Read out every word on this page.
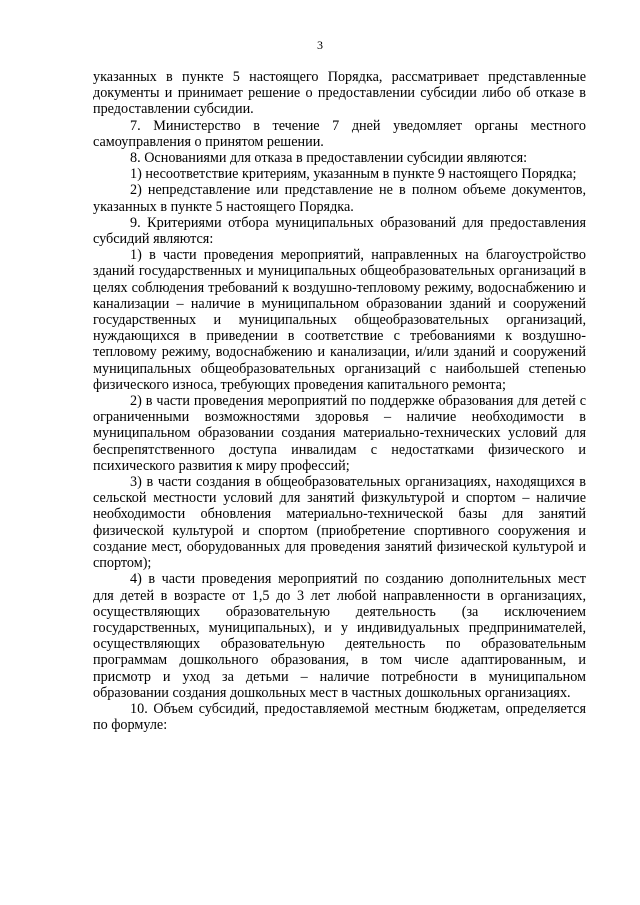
3

указанных в пункте 5 настоящего Порядка, рассматривает представленные документы и принимает решение о предоставлении субсидии либо об отказе в предоставлении субсидии.

7. Министерство в течение 7 дней уведомляет органы местного самоуправления о принятом решении.

8. Основаниями для отказа в предоставлении субсидии являются:

1) несоответствие критериям, указанным в пункте 9 настоящего Порядка;

2) непредставление или представление не в полном объеме документов, указанных в пункте 5 настоящего Порядка.

9. Критериями отбора муниципальных образований для предоставления субсидий являются:

1) в части проведения мероприятий, направленных на благоустройство зданий государственных и муниципальных общеобразовательных организаций в целях соблюдения требований к воздушно-тепловому режиму, водоснабжению и канализации – наличие в муниципальном образовании зданий и сооружений государственных и муниципальных общеобразовательных организаций, нуждающихся в приведении в соответствие с требованиями к воздушно-тепловому режиму, водоснабжению и канализации, и/или зданий и сооружений муниципальных общеобразовательных организаций с наибольшей степенью физического износа, требующих проведения капитального ремонта;

2) в части проведения мероприятий по поддержке образования для детей с ограниченными возможностями здоровья – наличие необходимости в муниципальном образовании создания материально-технических условий для беспрепятственного доступа инвалидам с недостатками физического и психического развития к миру профессий;

3) в части создания в общеобразовательных организациях, находящихся в сельской местности условий для занятий физкультурой и спортом – наличие необходимости обновления материально-технической базы для занятий физической культурой и спортом (приобретение спортивного сооружения и создание мест, оборудованных для проведения занятий физической культурой и спортом);

4) в части проведения мероприятий по созданию дополнительных мест для детей в возрасте от 1,5 до 3 лет любой направленности в организациях, осуществляющих образовательную деятельность (за исключением государственных, муниципальных), и у индивидуальных предпринимателей, осуществляющих образовательную деятельность по образовательным программам дошкольного образования, в том числе адаптированным, и присмотр и уход за детьми – наличие потребности в муниципальном образовании создания дошкольных мест в частных дошкольных организациях.

10. Объем субсидий, предоставляемой местным бюджетам, определяется по формуле:
